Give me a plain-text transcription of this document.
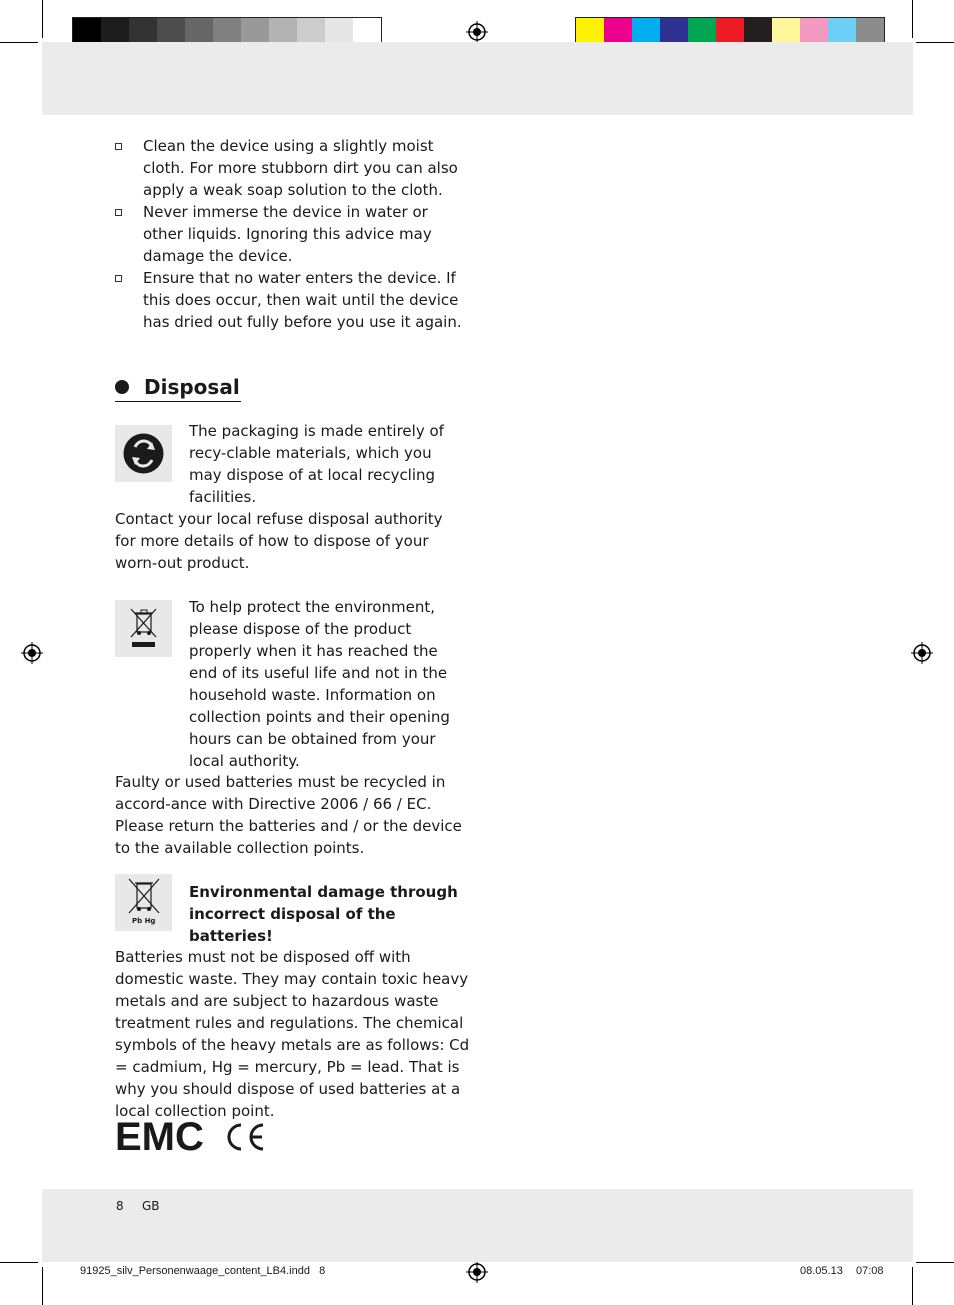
Clean the device using a slightly moist cloth. For more stubborn dirt you can also apply a weak soap solution to the cloth.
Never immerse the device in water or other liquids. Ignoring this advice may damage the device.
Ensure that no water enters the device. If this does occur, then wait until the device has dried out fully before you use it again.
Disposal

The packaging is made entirely of recy-clable materials, which you may dispose of at local recycling facilities.

Contact your local refuse disposal authority for more details of how to dispose of your worn-out product.

To help protect the environment, please dispose of the product properly when it has reached the end of its useful life and not in the household waste. Information on collection points and their opening hours can be obtained from your local authority.

Faulty or used batteries must be recycled in accord-ance with Directive 2006 / 66 / EC. Please return the batteries and / or the device to the available collection points.

Pb Hg

Environmental damage through incorrect disposal of the batteries!

Batteries must not be disposed off with domestic waste. They may contain toxic heavy metals and are subject to hazardous waste treatment rules and regulations. The chemical symbols of the heavy metals are as follows: Cd = cadmium, Hg = mercury, Pb = lead. That is why you should dispose of used batteries at a local collection point.

EMC
8 GB
91925_silv_Personenwaage_content_LB4.indd   8	08.05.13 07:08
